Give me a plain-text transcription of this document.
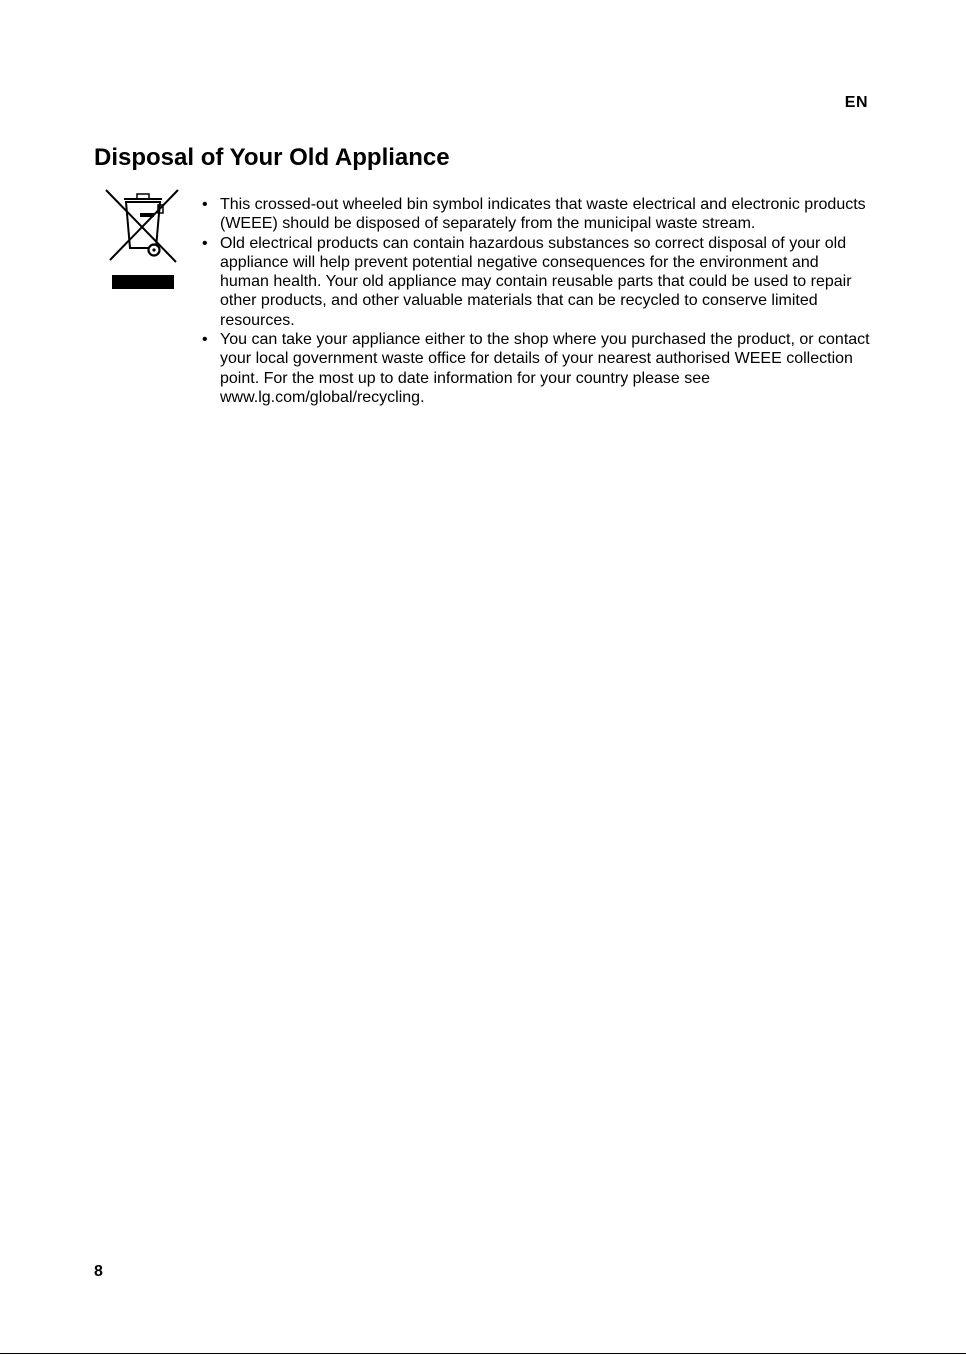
EN
Disposal of Your Old Appliance
• This crossed-out wheeled bin symbol indicates that waste electrical and electronic products (WEEE) should be disposed of separately from the municipal waste stream.
• Old electrical products can contain hazardous substances so correct disposal of your old appliance will help prevent potential negative consequences for the environment and human health. Your old appliance may contain reusable parts that could be used to repair other products, and other valuable materials that can be recycled to conserve limited resources.
• You can take your appliance either to the shop where you purchased the product, or contact your local government waste office for details of your nearest authorised WEEE collection point. For the most up to date information for your country please see www.lg.com/global/recycling.
8
